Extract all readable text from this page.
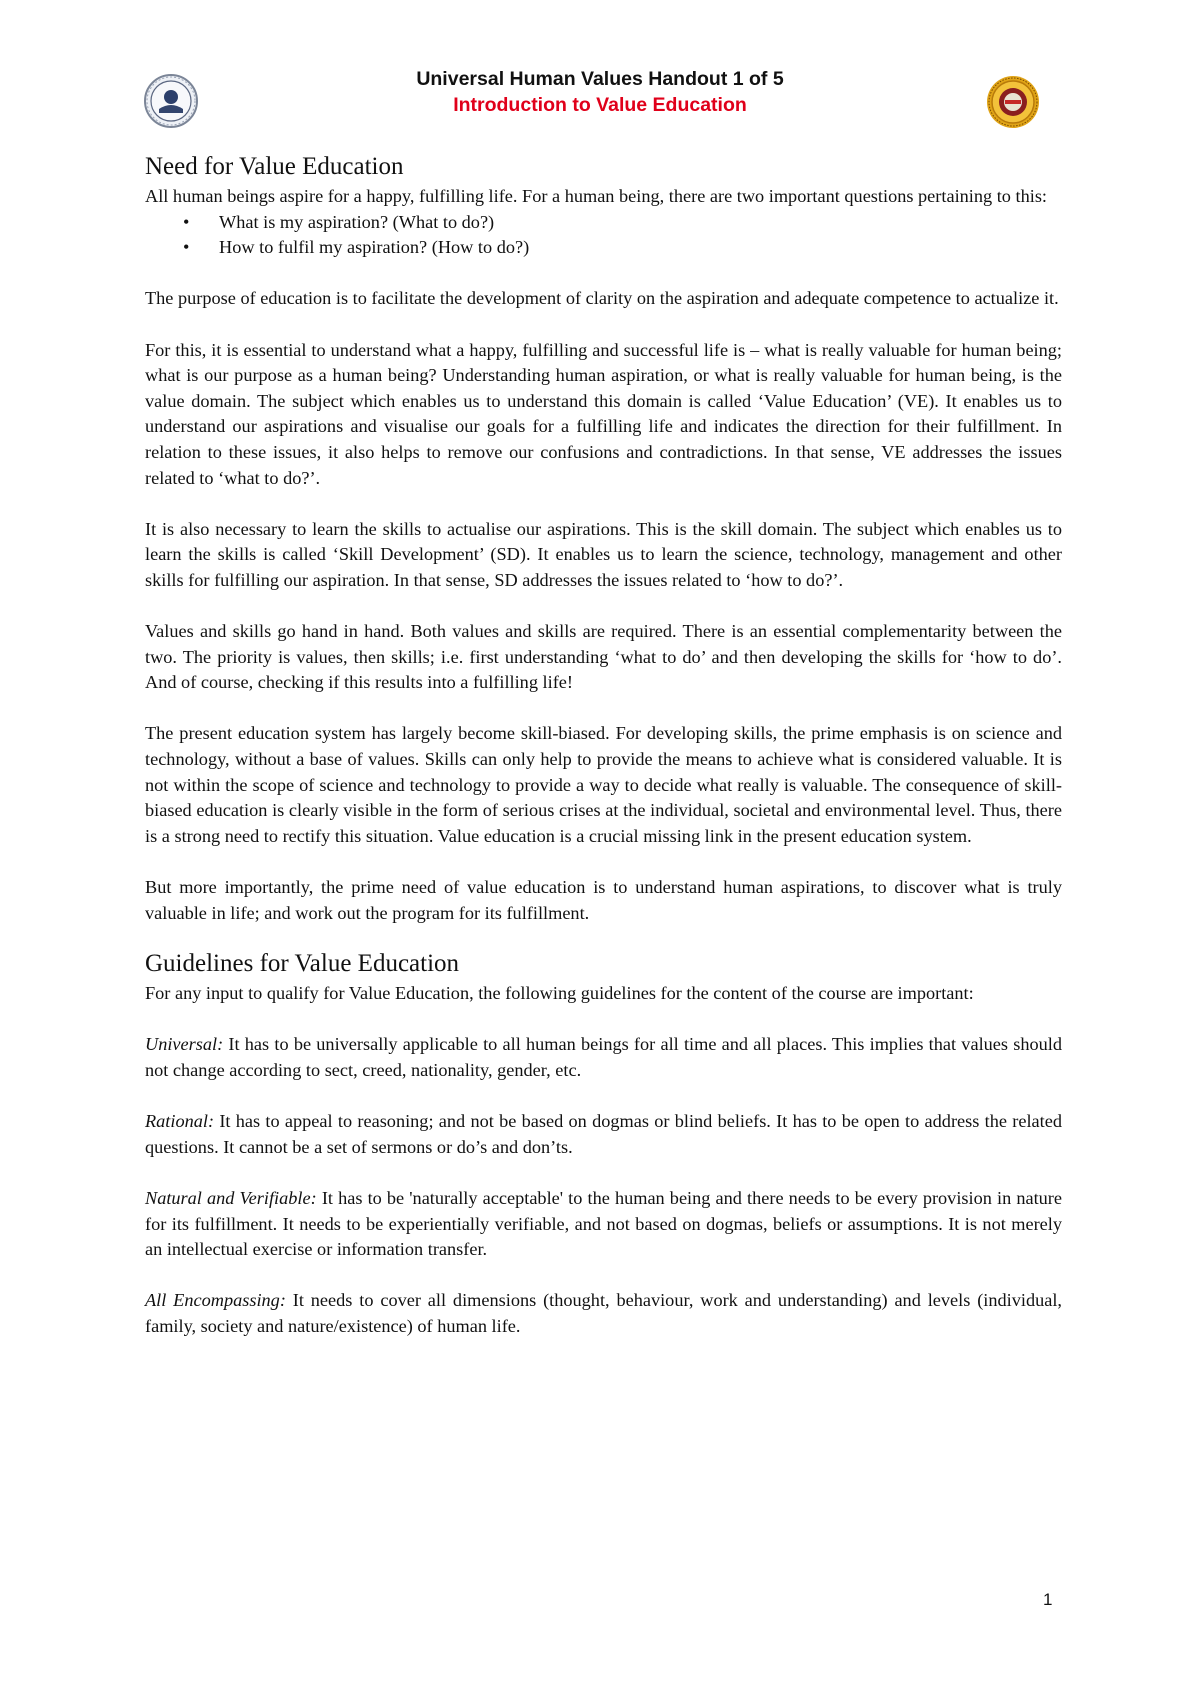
Universal Human Values Handout 1 of 5
Introduction to Value Education
Need for Value Education

All human beings aspire for a happy, fulfilling life. For a human being, there are two important questions pertaining to this:

• What is my aspiration? (What to do?)
• How to fulfil my aspiration? (How to do?)

The purpose of education is to facilitate the development of clarity on the aspiration and adequate competence to actualize it.

For this, it is essential to understand what a happy, fulfilling and successful life is – what is really valuable for human being; what is our purpose as a human being? Understanding human aspiration, or what is really valuable for human being, is the value domain. The subject which enables us to understand this domain is called ‘Value Education’ (VE). It enables us to understand our aspirations and visualise our goals for a fulfilling life and indicates the direction for their fulfillment. In relation to these issues, it also helps to remove our confusions and contradictions. In that sense, VE addresses the issues related to ‘what to do?’.

It is also necessary to learn the skills to actualise our aspirations. This is the skill domain. The subject which enables us to learn the skills is called ‘Skill Development’ (SD). It enables us to learn the science, technology, management and other skills for fulfilling our aspiration. In that sense, SD addresses the issues related to ‘how to do?’.

Values and skills go hand in hand. Both values and skills are required. There is an essential complementarity between the two. The priority is values, then skills; i.e. first understanding ‘what to do’ and then developing the skills for ‘how to do’. And of course, checking if this results into a fulfilling life!

The present education system has largely become skill-biased. For developing skills, the prime emphasis is on science and technology, without a base of values. Skills can only help to provide the means to achieve what is considered valuable. It is not within the scope of science and technology to provide a way to decide what really is valuable. The consequence of skill-biased education is clearly visible in the form of serious crises at the individual, societal and environmental level. Thus, there is a strong need to rectify this situation. Value education is a crucial missing link in the present education system.

But more importantly, the prime need of value education is to understand human aspirations, to discover what is truly valuable in life; and work out the program for its fulfillment.

Guidelines for Value Education

For any input to qualify for Value Education, the following guidelines for the content of the course are important:

Universal: It has to be universally applicable to all human beings for all time and all places. This implies that values should not change according to sect, creed, nationality, gender, etc.

Rational: It has to appeal to reasoning; and not be based on dogmas or blind beliefs. It has to be open to address the related questions. It cannot be a set of sermons or do’s and don’ts.

Natural and Verifiable: It has to be 'naturally acceptable' to the human being and there needs to be every provision in nature for its fulfillment. It needs to be experientially verifiable, and not based on dogmas, beliefs or assumptions. It is not merely an intellectual exercise or information transfer.

All Encompassing: It needs to cover all dimensions (thought, behaviour, work and understanding) and levels (individual, family, society and nature/existence) of human life.

1
